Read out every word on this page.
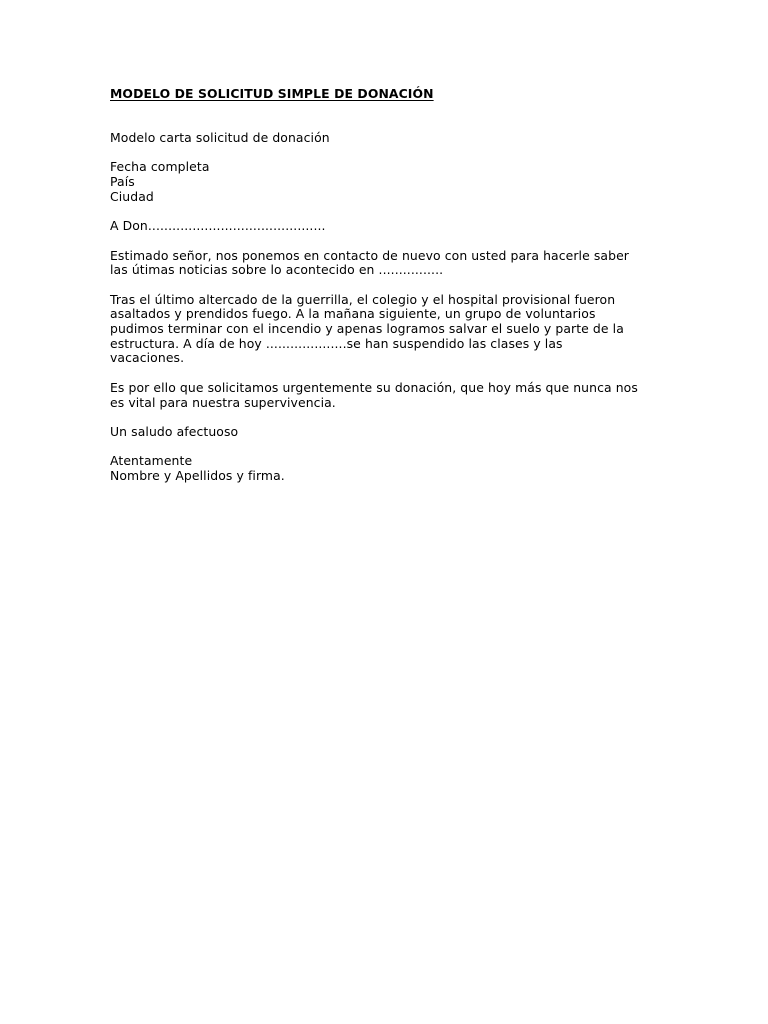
MODELO DE SOLICITUD SIMPLE DE DONACIÓN

Modelo carta solicitud de donación

Fecha completa

País

Ciudad

A Don............................................

Estimado señor, nos ponemos en contacto de nuevo con usted para hacerle saber

las útimas noticias sobre lo acontecido en ................

Tras el último altercado de la guerrilla, el colegio y el hospital provisional fueron

asaltados y prendidos fuego. A la mañana siguiente, un grupo de voluntarios

pudimos terminar con el incendio y apenas logramos salvar el suelo y parte de la

estructura. A día de hoy ....................se han suspendido las clases y las

vacaciones.

Es por ello que solicitamos urgentemente su donación, que hoy más que nunca nos

es vital para nuestra supervivencia.

Un saludo afectuoso

Atentamente

Nombre y Apellidos y firma.
